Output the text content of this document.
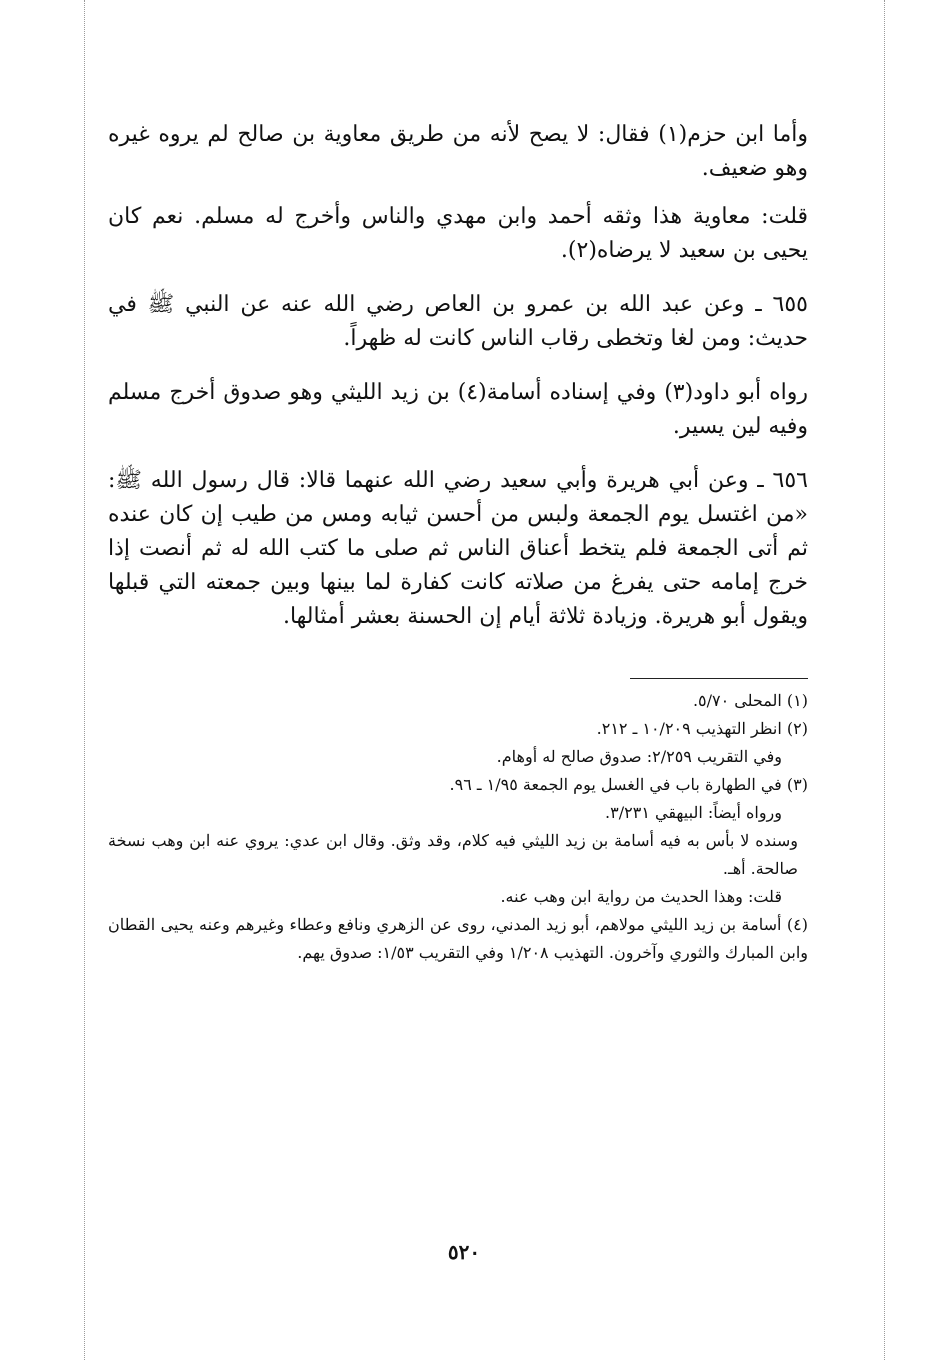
وأما ابن حزم(١) فقال: لا يصح لأنه من طريق معاوية بن صالح لم يروه غيره وهو ضعيف.

قلت: معاوية هذا وثقه أحمد وابن مهدي والناس وأخرج له مسلم. نعم كان يحيى بن سعيد لا يرضاه(٢).

٦٥٥ ـ وعن عبد الله بن عمرو بن العاص رضي الله عنه عن النبي ﷺ في حديث: ومن لغا وتخطى رقاب الناس كانت له ظهراً.

رواه أبو داود(٣) وفي إسناده أسامة(٤) بن زيد الليثي وهو صدوق أخرج مسلم وفيه لين يسير.

٦٥٦ ـ وعن أبي هريرة وأبي سعيد رضي الله عنهما قالا: قال رسول الله ﷺ: «من اغتسل يوم الجمعة ولبس من أحسن ثيابه ومس من طيب إن كان عنده ثم أتى الجمعة فلم يتخط أعناق الناس ثم صلى ما كتب الله له ثم أنصت إذا خرج إمامه حتى يفرغ من صلاته كانت كفارة لما بينها وبين جمعته التي قبلها ويقول أبو هريرة. وزيادة ثلاثة أيام إن الحسنة بعشر أمثالها.

(١) المحلى ٥/٧٠.

(٢) انظر التهذيب ١٠/٢٠٩ ـ ٢١٢.

وفي التقريب ٢/٢٥٩: صدوق صالح له أوهام.

(٣) في الطهارة باب في الغسل يوم الجمعة ١/٩٥ ـ ٩٦.

ورواه أيضاً: البيهقي ٣/٢٣١.

وسنده لا بأس به فيه أسامة بن زيد الليثي فيه كلام، وقد وثق. وقال ابن عدي: يروي عنه ابن وهب نسخة صالحة. أهـ.

قلت: وهذا الحديث من رواية ابن وهب عنه.

(٤) أسامة بن زيد الليثي مولاهم، أبو زيد المدني، روى عن الزهري ونافع وعطاء وغيرهم وعنه يحيى القطان وابن المبارك والثوري وآخرون. التهذيب ١/٢٠٨ وفي التقريب ١/٥٣: صدوق يهم.

٥٢٠
